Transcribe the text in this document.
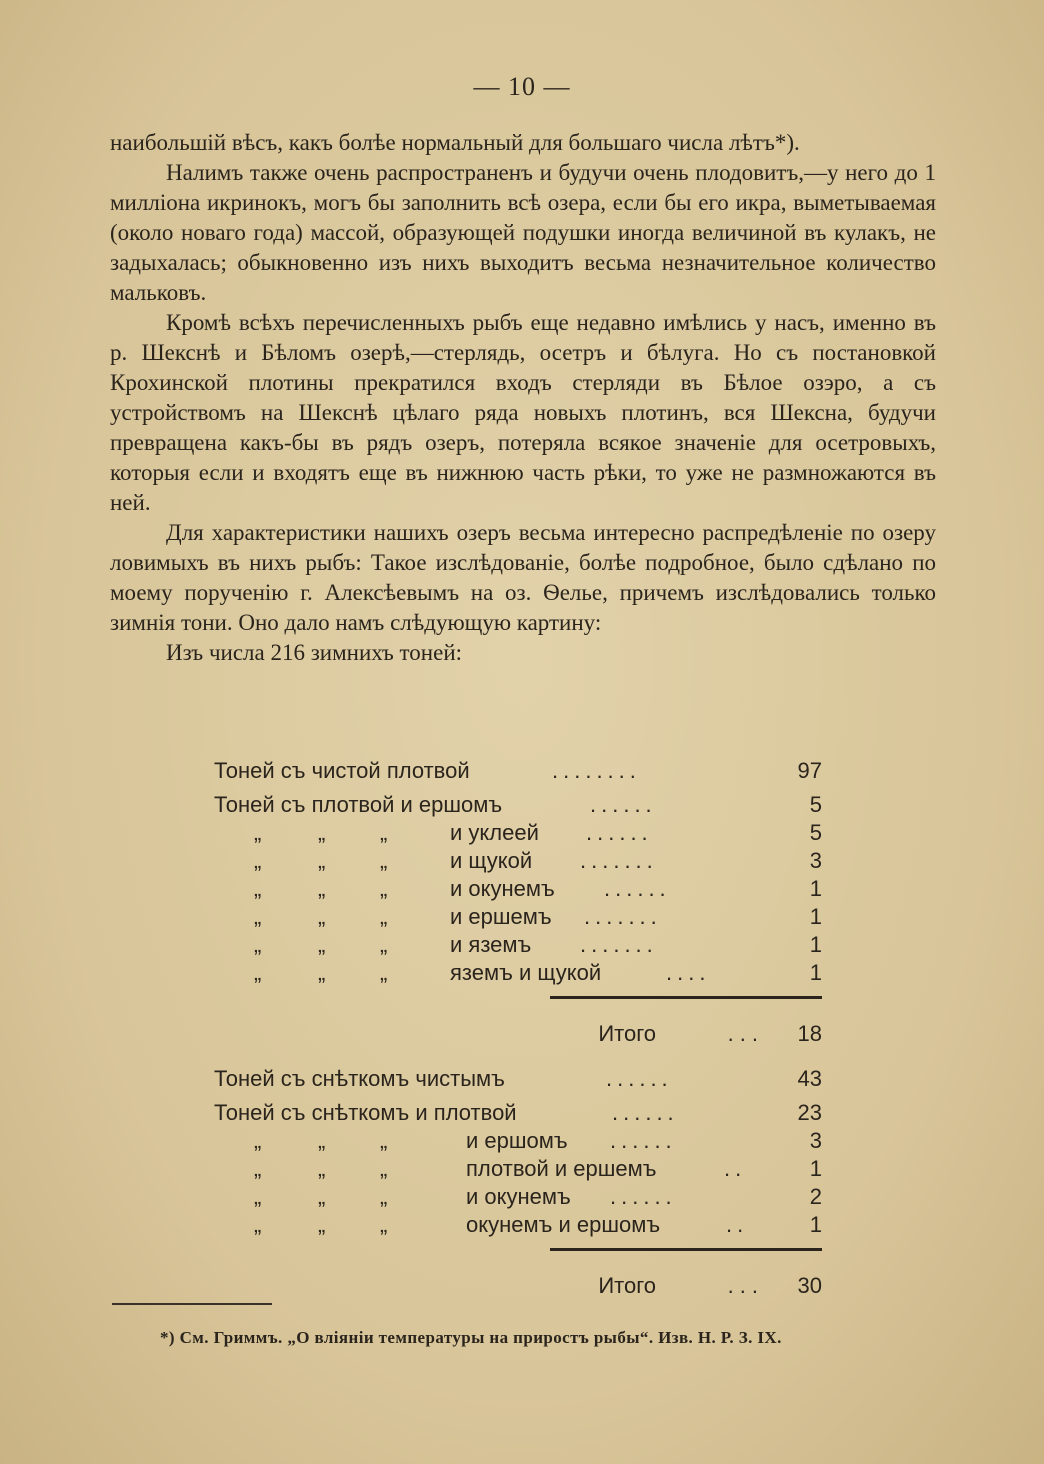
— 10 —

наибольшій вѣсъ, какъ болѣе нормальный для большаго числа лѣтъ*).

Налимъ также очень распространенъ и будучи очень плодовитъ,—у него до 1 милліона икринокъ, могъ бы заполнить всѣ озера, если бы его икра, выметываемая (около новаго года) массой, образующей подушки иногда величиной въ кулакъ, не задыхалась; обыкновенно изъ нихъ выходитъ весьма незначительное количество мальковъ.

Кромѣ всѣхъ перечисленныхъ рыбъ еще недавно имѣлись у насъ, именно въ р. Шекснѣ и Бѣломъ озерѣ,—стерлядь, осетръ и бѣлуга. Но съ постановкой Крохинской плотины прекратился входъ стерляди въ Бѣлое озэро, а съ устройствомъ на Шекснѣ цѣлаго ряда новыхъ плотинъ, вся Шексна, будучи превращена какъ-бы въ рядъ озеръ, потеряла всякое значеніе для осетровыхъ, которыя если и входятъ еще въ нижнюю часть рѣки, то уже не размножаются въ ней.

Для характеристики нашихъ озеръ весьма интересно распредѣленіе по озеру ловимыхъ въ нихъ рыбъ: Такое изслѣдованіе, болѣе подробное, было сдѣлано по моему порученію г. Алексѣевымъ на оз. Ѳелье, причемъ изслѣдовались только зимнія тони. Оно дало намъ слѣдующую картину:

Изъ числа 216 зимнихъ тоней:

Тоней съ чистой плотвой	........	97
Тоней съ плотвой и ершомъ	......	5
„	„ „	и уклеей ......	5
„	„ „	и щукой .......	3
„	„ „	и окунемъ ......	1
„	„ „	и ершемъ .......	1
„	„ „	и яземъ .......	1
„	„ „	яземъ и щукой	....	1
Итого	... 18
Тоней съ снѣткомъ чистымъ	......	43
Тоней съ снѣткомъ и плотвой	......	23
„	„ „	и ершомъ ......	3
„	„ „	плотвой и ершемъ	..	1
„	„ „	и окунемъ ......	2
„	„ „	окунемъ и ершомъ	..	1
Итого	... 30
*) См. Гриммъ. „О вліяніи температуры на приростъ рыбы“. Изв. Н. Р. З. IX.
